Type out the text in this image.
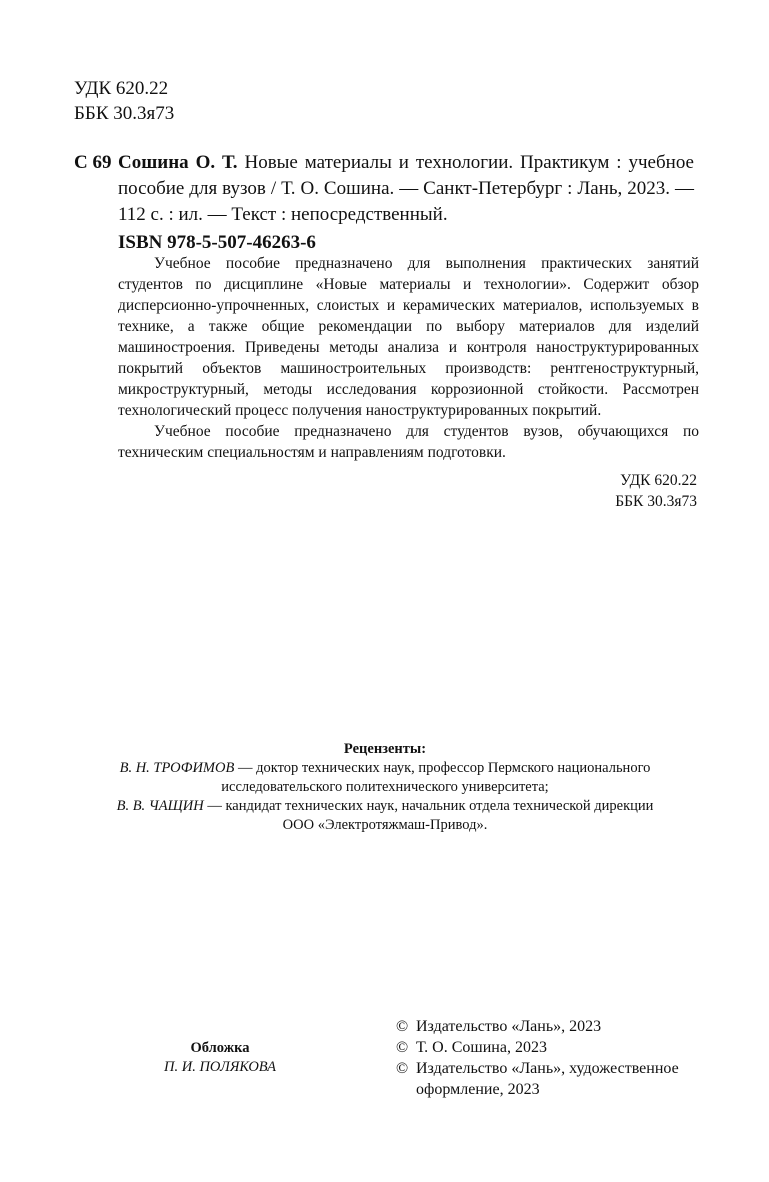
УДК 620.22
ББК 30.3я73
С 69 Сошина О. Т. Новые материалы и технологии. Практикум : учебное пособие для вузов / Т. О. Сошина. — Санкт-Петербург : Лань, 2023. — 112 с. : ил. — Текст : непосредственный.
ISBN 978-5-507-46263-6

Учебное пособие предназначено для выполнения практических занятий студентов по дисциплине «Новые материалы и технологии». Содержит обзор дисперсионно-упрочненных, слоистых и керамических материалов, используемых в технике, а также общие рекомендации по выбору материалов для изделий машиностроения. Приведены методы анализа и контроля наноструктурированных покрытий объектов машиностроительных производств: рентгеноструктурный, микроструктурный, методы исследования коррозионной стойкости. Рассмотрен технологический процесс получения наноструктурированных покрытий.

Учебное пособие предназначено для студентов вузов, обучающихся по техническим специальностям и направлениям подготовки.

УДК 620.22
ББК 30.3я73
Рецензенты:
В. Н. ТРОФИМОВ — доктор технических наук, профессор Пермского национального исследовательского политехнического университета;
В. В. ЧАЩИН — кандидат технических наук, начальник отдела технической дирекции ООО «Электротяжмаш-Привод».
Обложка
П. И. ПОЛЯКОВА
© Издательство «Лань», 2023
© Т. О. Сошина, 2023
© Издательство «Лань», художественное оформление, 2023
